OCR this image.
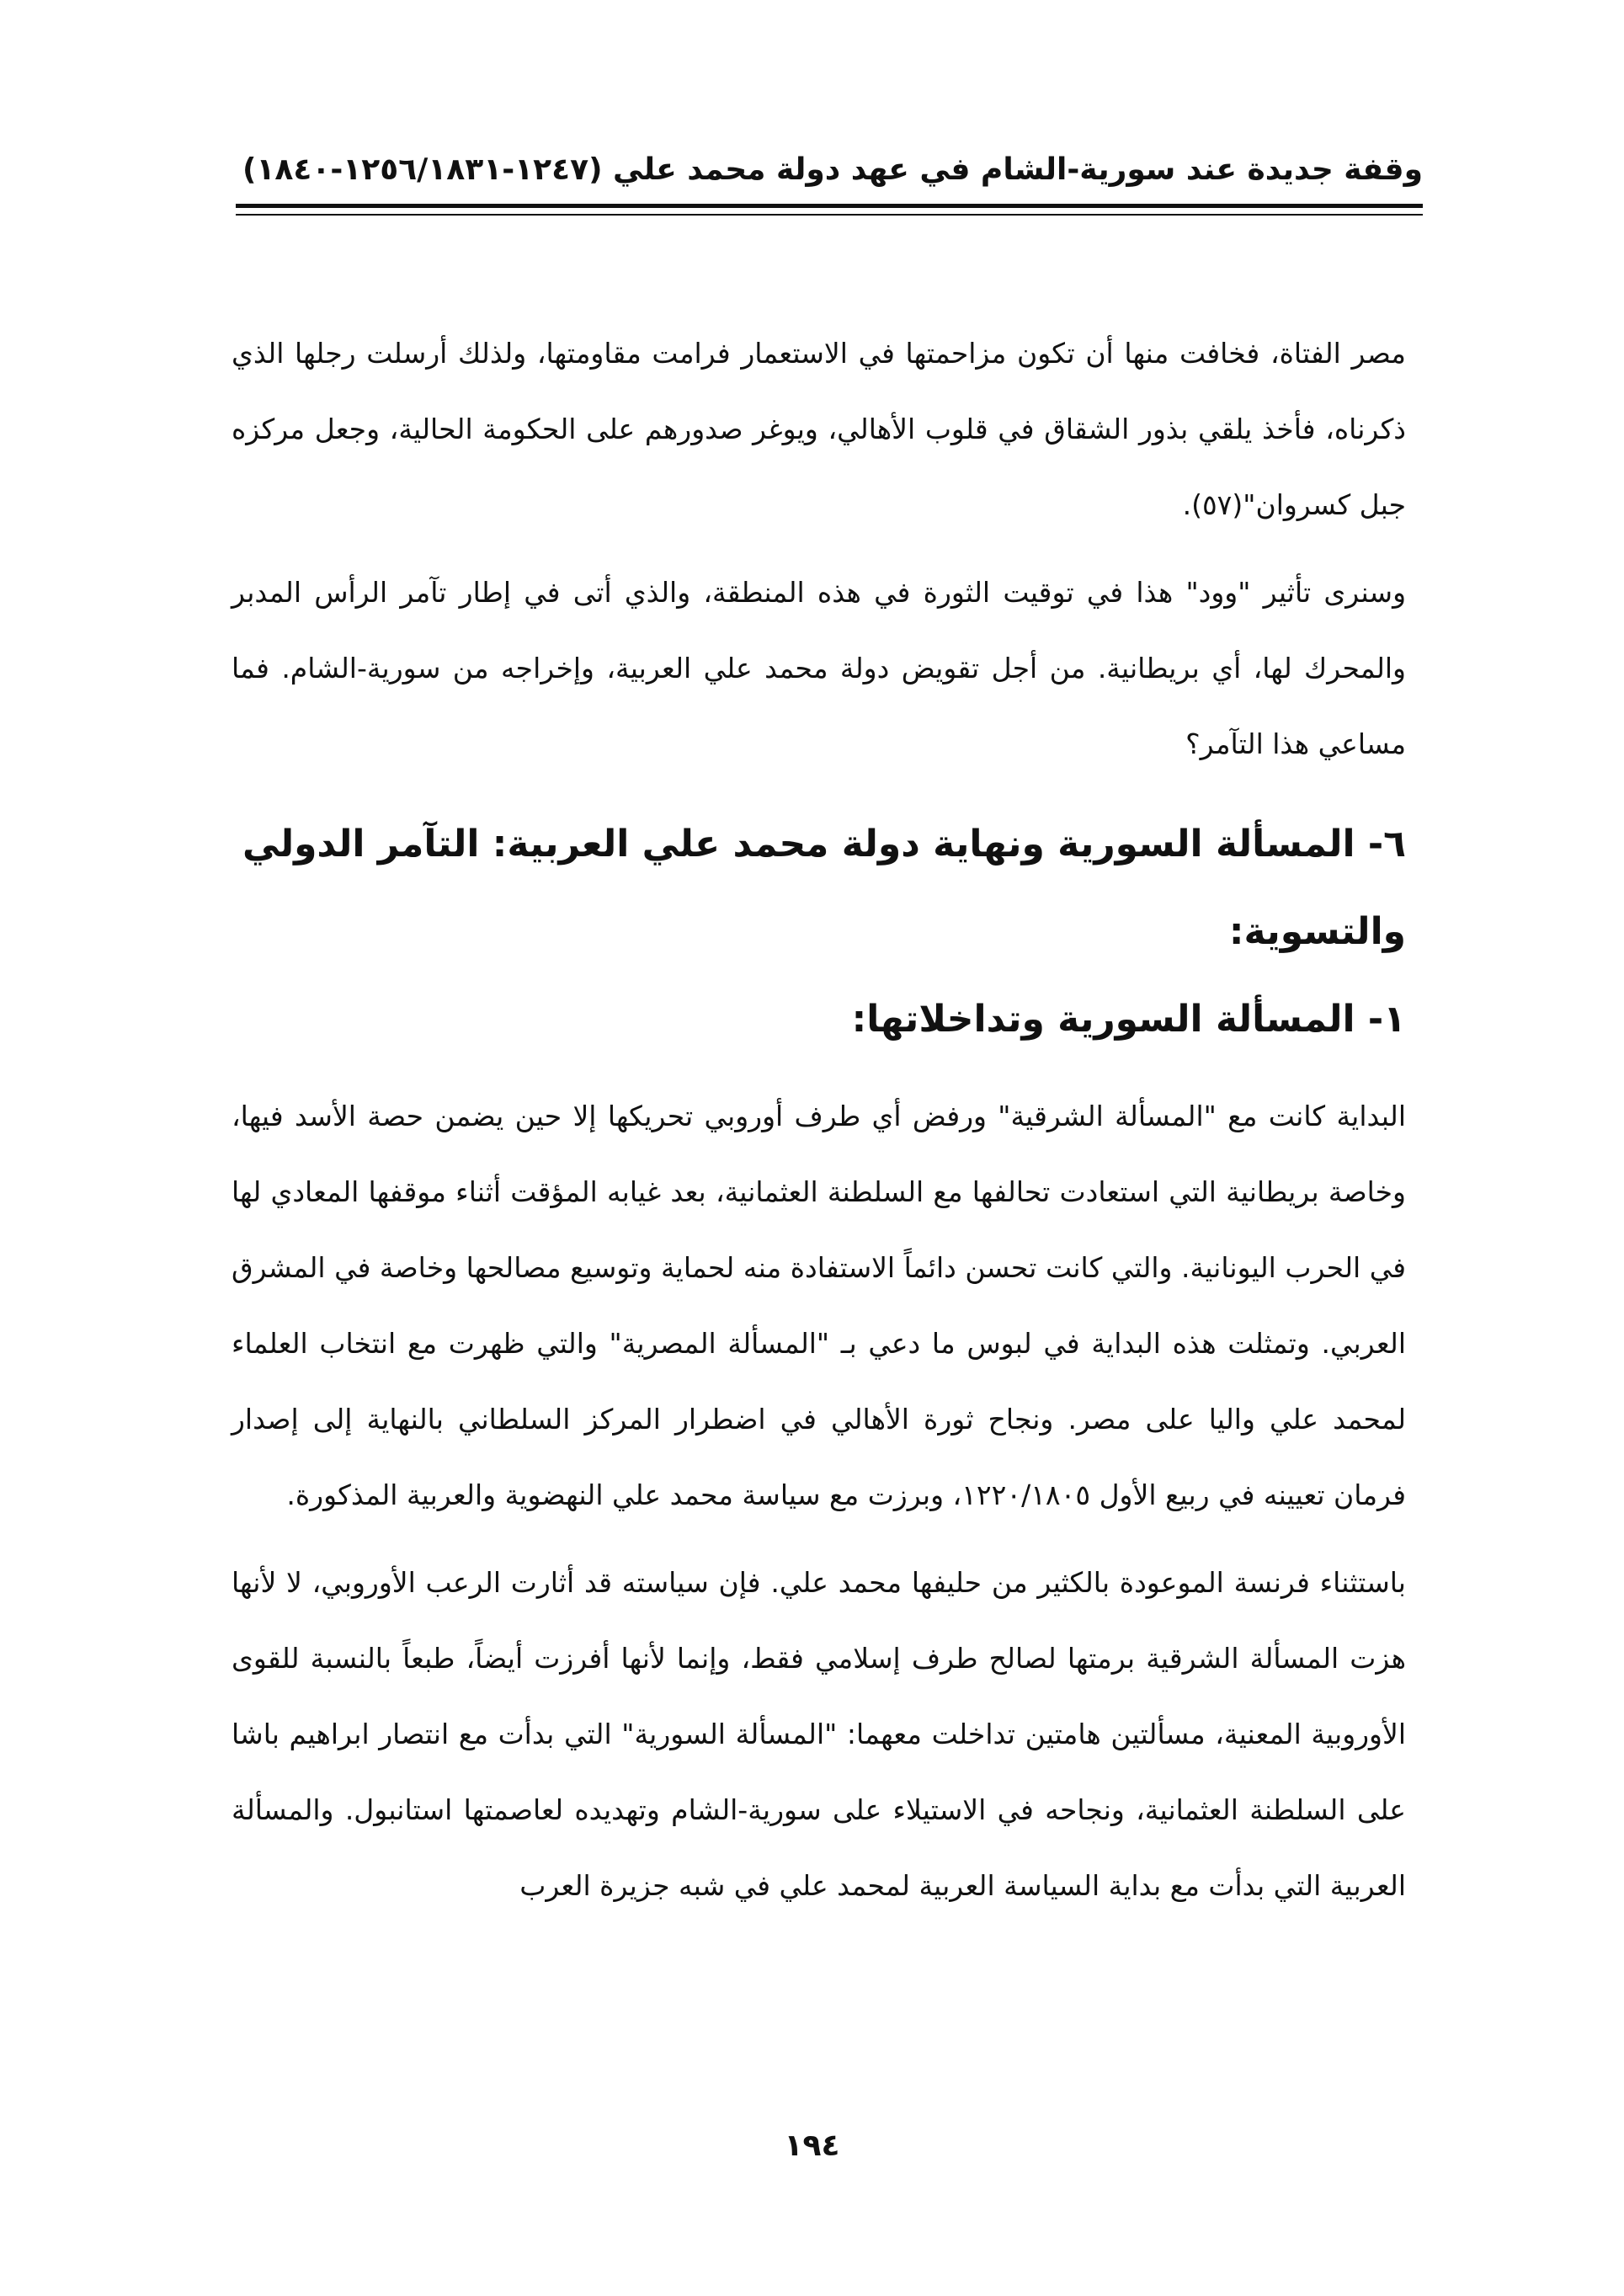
وقفة جديدة عند سورية-الشام في عهد دولة محمد علي (١٢٤٧-١٢٥٦/١٨٣١-١٨٤٠)

مصر الفتاة، فخافت منها أن تكون مزاحمتها في الاستعمار فرامت مقاومتها، ولذلك أرسلت رجلها الذي ذكرناه، فأخذ يلقي بذور الشقاق في قلوب الأهالي، ويوغر صدورهم على الحكومة الحالية، وجعل مركزه جبل كسروان"(٥٧).

وسنرى تأثير "وود" هذا في توقيت الثورة في هذه المنطقة، والذي أتى في إطار تآمر الرأس المدبر والمحرك لها، أي بريطانية. من أجل تقويض دولة محمد علي العربية، وإخراجه من سورية-الشام. فما مساعي هذا التآمر؟

٦- المسألة السورية ونهاية دولة محمد علي العربية: التآمر الدولي والتسوية:
١- المسألة السورية وتداخلاتها:

البداية كانت مع "المسألة الشرقية" ورفض أي طرف أوروبي تحريكها إلا حين يضمن حصة الأسد فيها، وخاصة بريطانية التي استعادت تحالفها مع السلطنة العثمانية، بعد غيابه المؤقت أثناء موقفها المعادي لها في الحرب اليونانية. والتي كانت تحسن دائماً الاستفادة منه لحماية وتوسيع مصالحها وخاصة في المشرق العربي. وتمثلت هذه البداية في لبوس ما دعي بـ "المسألة المصرية" والتي ظهرت مع انتخاب العلماء لمحمد علي واليا على مصر. ونجاح ثورة الأهالي في اضطرار المركز السلطاني بالنهاية إلى إصدار فرمان تعيينه في ربيع الأول ١٢٢٠/١٨٠٥، وبرزت مع سياسة محمد علي النهضوية والعربية المذكورة.

باستثناء فرنسة الموعودة بالكثير من حليفها محمد علي. فإن سياسته قد أثارت الرعب الأوروبي، لا لأنها هزت المسألة الشرقية برمتها لصالح طرف إسلامي فقط، وإنما لأنها أفرزت أيضاً، طبعاً بالنسبة للقوى الأوروبية المعنية، مسألتين هامتين تداخلت معهما: "المسألة السورية" التي بدأت مع انتصار ابراهيم باشا على السلطنة العثمانية، ونجاحه في الاستيلاء على سورية-الشام وتهديده لعاصمتها استانبول. والمسألة العربية التي بدأت مع بداية السياسة العربية لمحمد علي في شبه جزيرة العرب

١٩٤
